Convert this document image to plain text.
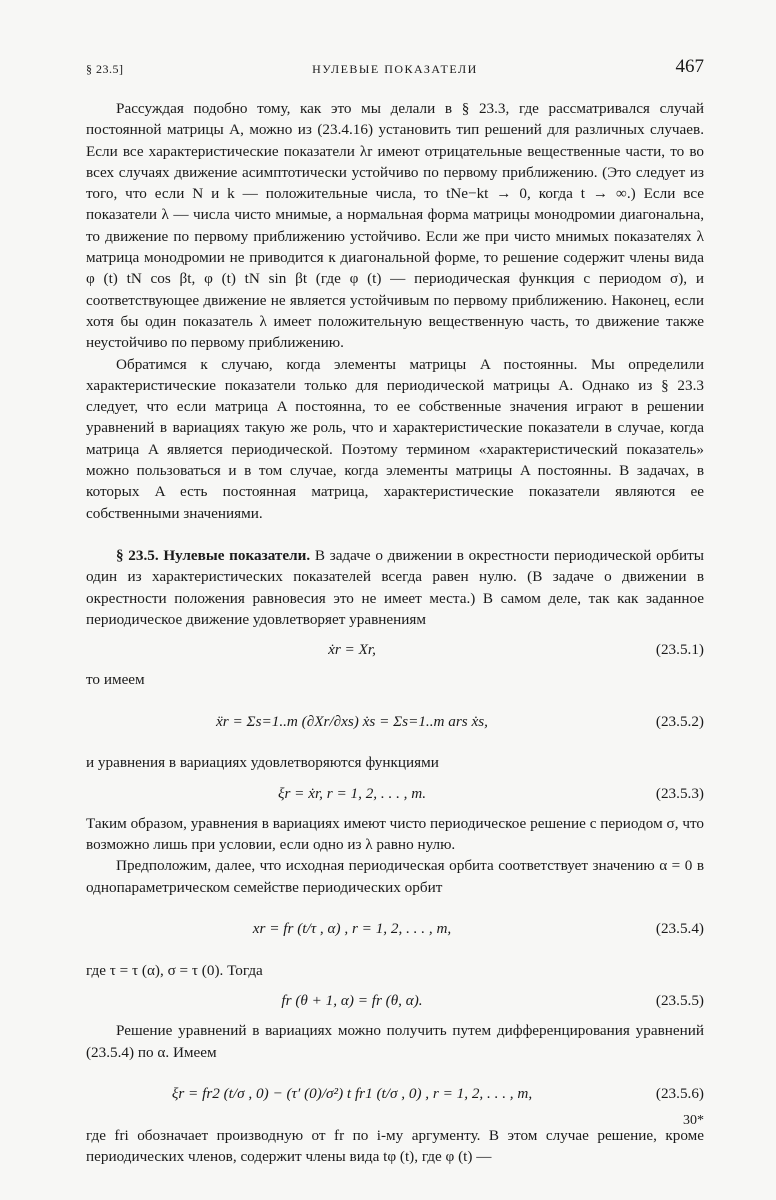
§ 23.5]	НУЛЕВЫЕ ПОКАЗАТЕЛИ	467

Рассуждая подобно тому, как это мы делали в § 23.3, где рассматривался случай постоянной матрицы A, можно из (23.4.16) установить тип решений для различных случаев. Если все характеристические показатели λr имеют отрицательные вещественные части, то во всех случаях движение асимптотически устойчиво по первому приближению. (Это следует из того, что если N и k — положительные числа, то tNe−kt → 0, когда t → ∞.) Если все показатели λ — числа чисто мнимые, а нормальная форма матрицы монодромии диагональна, то движение по первому приближению устойчиво. Если же при чисто мнимых показателях λ матрица монодромии не приводится к диагональной форме, то решение содержит члены вида φ (t) tN cos βt, φ (t) tN sin βt (где φ (t) — периодическая функция с периодом σ), и соответствующее движение не является устойчивым по первому приближению. Наконец, если хотя бы один показатель λ имеет положительную вещественную часть, то движение также неустойчиво по первому приближению.

Обратимся к случаю, когда элементы матрицы A постоянны. Мы определили характеристические показатели только для периодической матрицы A. Однако из § 23.3 следует, что если матрица A постоянна, то ее собственные значения играют в решении уравнений в вариациях такую же роль, что и характеристические показатели в случае, когда матрица A является периодической. Поэтому термином «характеристический показатель» можно пользоваться и в том случае, когда элементы матрицы A постоянны. В задачах, в которых A есть постоянная матрица, характеристические показатели являются ее собственными значениями.

§ 23.5. Нулевые показатели. В задаче о движении в окрестности периодической орбиты один из характеристических показателей всегда равен нулю. (В задаче о движении в окрестности положения равновесия это не имеет места.) В самом деле, так как заданное периодическое движение удовлетворяет уравнениям

ẋr = Xr,	(23.5.1)

то имеем

ẍr = Σs=1..m (∂Xr/∂xs) ẋs = Σs=1..m ars ẋs,	(23.5.2)

и уравнения в вариациях удовлетворяются функциями

ξr = ẋr, r = 1, 2, . . . , m.	(23.5.3)

Таким образом, уравнения в вариациях имеют чисто периодическое решение с периодом σ, что возможно лишь при условии, если одно из λ равно нулю.

Предположим, далее, что исходная периодическая орбита соответствует значению α = 0 в однопараметрическом семействе периодических орбит

xr = fr (t/τ , α) , r = 1, 2, . . . , m,	(23.5.4)

где τ = τ (α), σ = τ (0). Тогда

fr (θ + 1, α) = fr (θ, α).	(23.5.5)

Решение уравнений в вариациях можно получить путем дифференцирования уравнений (23.5.4) по α. Имеем

ξr = fr2 (t/σ , 0) − (τ′ (0)/σ²) t fr1 (t/σ , 0) , r = 1, 2, . . . , m,	(23.5.6)

где fri обозначает производную от fr по i-му аргументу. В этом случае решение, кроме периодических членов, содержит члены вида tφ (t), где φ (t) —

30*
